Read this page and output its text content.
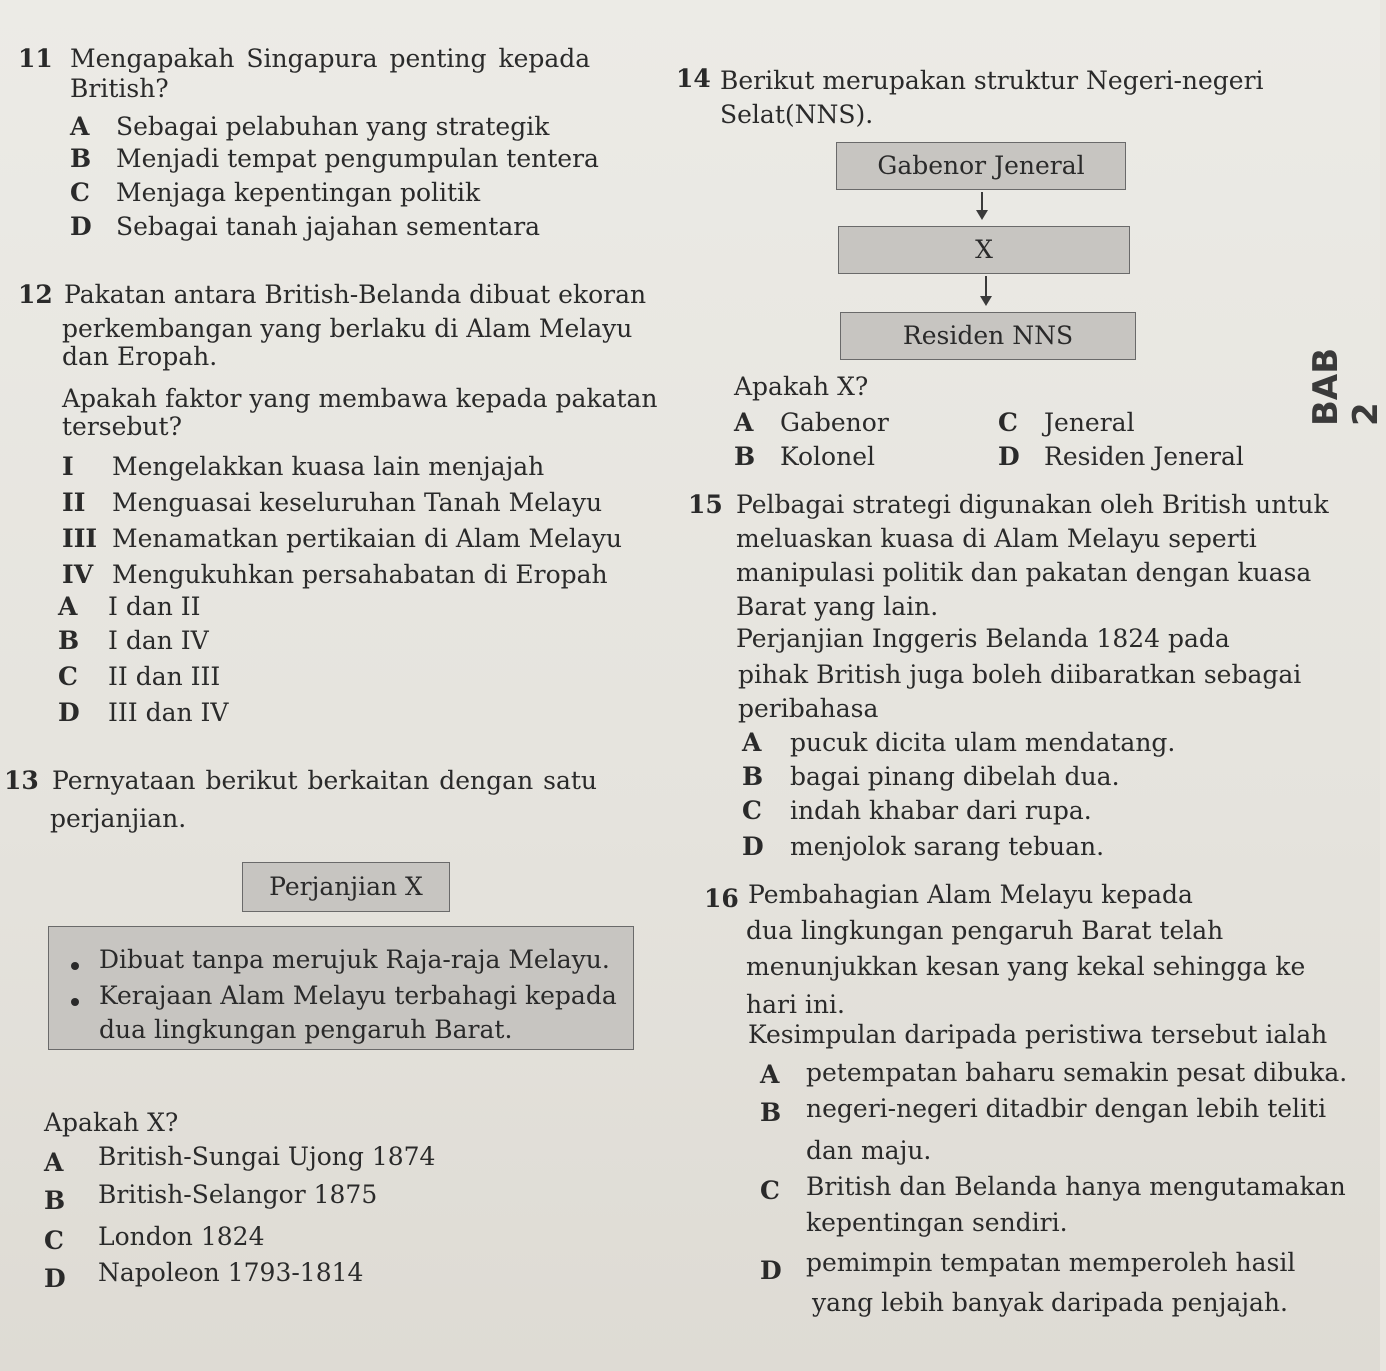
11 Mengapakah Singapura penting kepada
British?
A Sebagai pelabuhan yang strategik
B Menjadi tempat pengumpulan tentera
C Menjaga kepentingan politik
D Sebagai tanah jajahan sementara
12 Pakatan antara British-Belanda dibuat ekoran
perkembangan yang berlaku di Alam Melayu
dan Eropah.
Apakah faktor yang membawa kepada pakatan
tersebut?
I Mengelakkan kuasa lain menjajah
II Menguasai keseluruhan Tanah Melayu
III Menamatkan pertikaian di Alam Melayu
IV Mengukuhkan persahabatan di Eropah
A I dan II
B I dan IV
C II dan III
D III dan IV
13 Pernyataan berikut berkaitan dengan satu
perjanjian.
Perjanjian X
Dibuat tanpa merujuk Raja-raja Melayu.
Kerajaan Alam Melayu terbahagi kepada
dua lingkungan pengaruh Barat.
Apakah X?
A British-Sungai Ujong 1874
B British-Selangor 1875
C London 1824
D Napoleon 1793-1814
14 Berikut merupakan struktur Negeri-negeri
Selat(NNS).
Gabenor Jeneral
X
Residen NNS
Apakah X?
A Gabenor
B Kolonel
C Jeneral
D Residen Jeneral
15 Pelbagai strategi digunakan oleh British untuk
meluaskan kuasa di Alam Melayu seperti
manipulasi politik dan pakatan dengan kuasa
Barat yang lain.
Perjanjian Inggeris Belanda 1824 pada
pihak British juga boleh diibaratkan sebagai
peribahasa
A pucuk dicita ulam mendatang.
B bagai pinang dibelah dua.
C indah khabar dari rupa.
D menjolok sarang tebuan.
16 Pembahagian Alam Melayu kepada
dua lingkungan pengaruh Barat telah
menunjukkan kesan yang kekal sehingga ke
hari ini.
Kesimpulan daripada peristiwa tersebut ialah
A petempatan baharu semakin pesat dibuka.
B negeri-negeri ditadbir dengan lebih teliti
dan maju.
C British dan Belanda hanya mengutamakan
kepentingan sendiri.
D pemimpin tempatan memperoleh hasil
yang lebih banyak daripada penjajah.
BAB 2
